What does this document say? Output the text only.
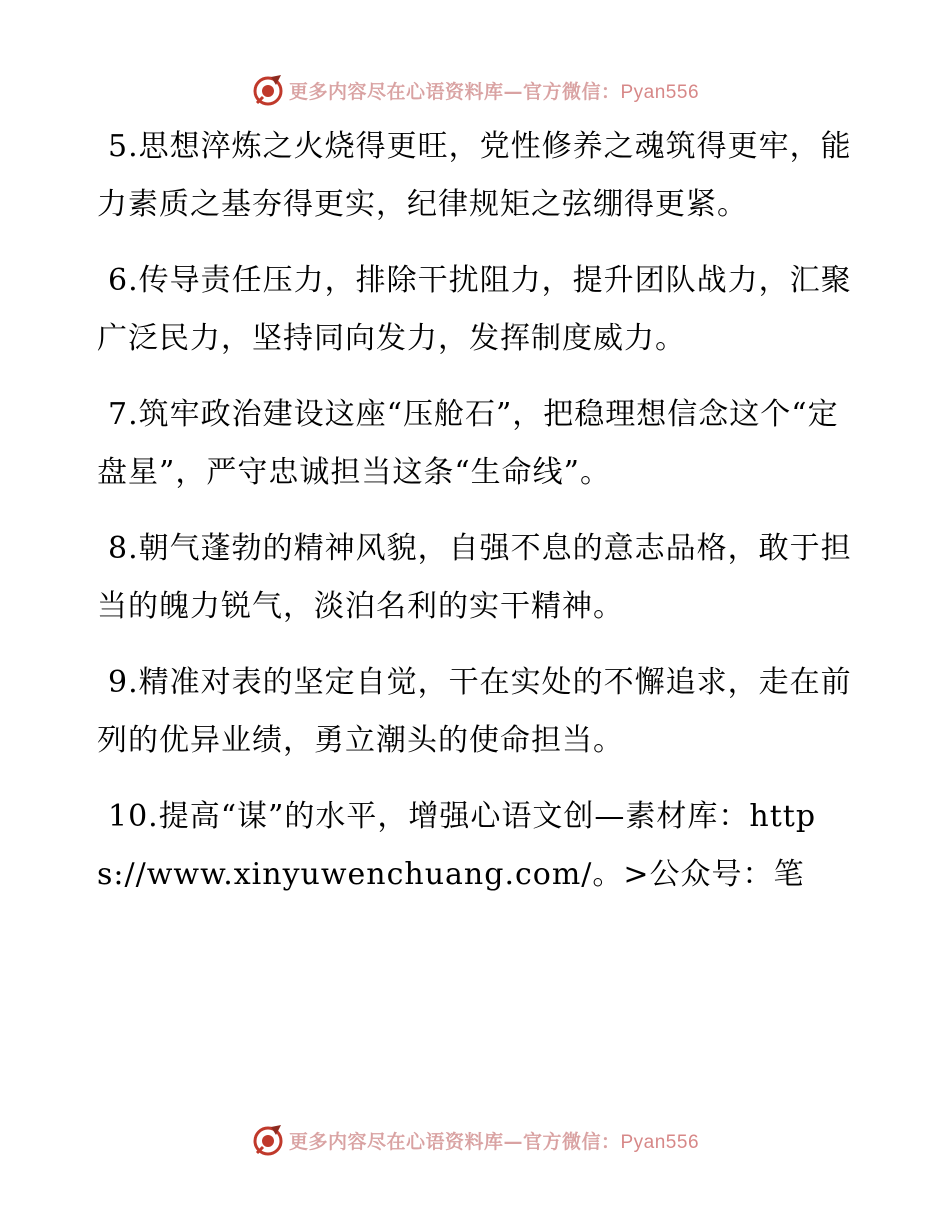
更多内容尽在心语资料库—官方微信：Pyan556

5.思想淬炼之火烧得更旺，党性修养之魂筑得更牢，能力素质之基夯得更实，纪律规矩之弦绷得更紧。

6.传导责任压力，排除干扰阻力，提升团队战力，汇聚广泛民力，坚持同向发力，发挥制度威力。

7.筑牢政治建设这座“压舱石”，把稳理想信念这个“定盘星”，严守忠诚担当这条“生命线”。

8.朝气蓬勃的精神风貌，自强不息的意志品格，敢于担当的魄力锐气，淡泊名利的实干精神。

9.精准对表的坚定自觉，干在实处的不懈追求，走在前列的优异业绩，勇立潮头的使命担当。

10.提高“谋”的水平，增强心语文创—素材库：https://www.xinyuwenchuang.com/。>公众号：笔

更多内容尽在心语资料库—官方微信：Pyan556
